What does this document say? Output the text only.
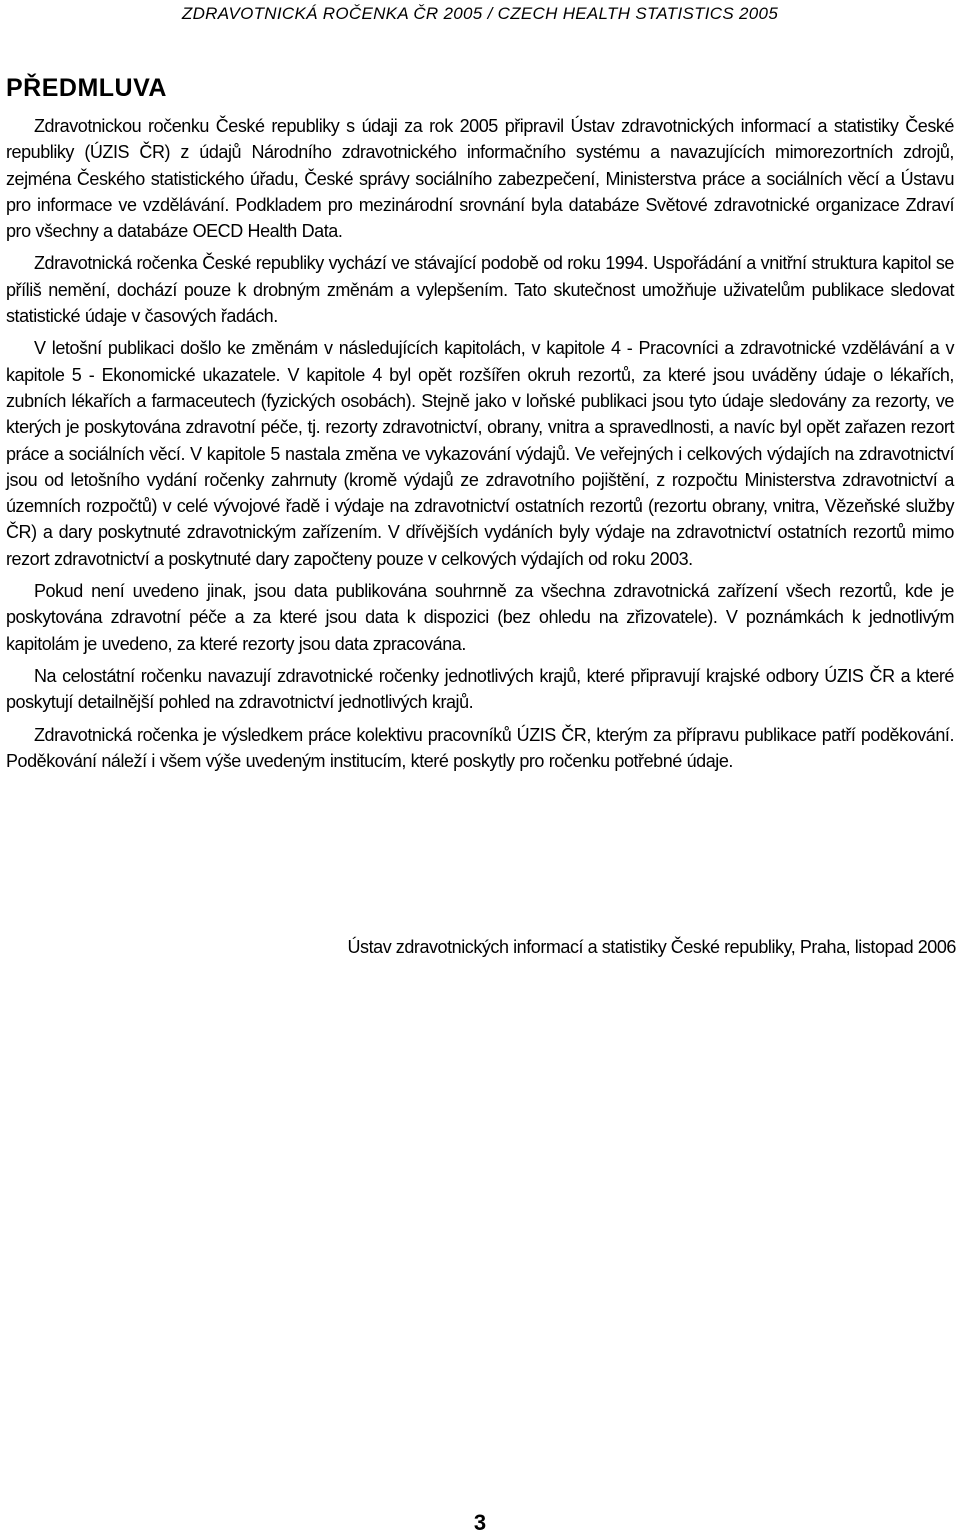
ZDRAVOTNICKÁ ROČENKA ČR 2005 / CZECH HEALTH STATISTICS 2005
PŘEDMLUVA

Zdravotnickou ročenku České republiky s údaji za rok 2005 připravil Ústav zdravotnických informací a statistiky České republiky (ÚZIS ČR) z údajů Národního zdravotnického informačního systému a navazujících mimorezortních zdrojů, zejména Českého statistického úřadu, České správy sociálního zabezpečení, Ministerstva práce a sociálních věcí a Ústavu pro informace ve vzdělávání. Podkladem pro mezinárodní srovnání byla databáze Světové zdravotnické organizace Zdraví pro všechny a databáze OECD Health Data.

Zdravotnická ročenka České republiky vychází ve stávající podobě od roku 1994. Uspořádání a vnitřní struktura kapitol se příliš nemění, dochází pouze k drobným změnám a vylepšením. Tato skutečnost umožňuje uživatelům publikace sledovat statistické údaje v časových řadách.

V letošní publikaci došlo ke změnám v následujících kapitolách, v kapitole 4 - Pracovníci a zdravotnické vzdělávání a v kapitole 5 - Ekonomické ukazatele. V kapitole 4 byl opět rozšířen okruh rezortů, za které jsou uváděny údaje o lékařích, zubních lékařích a farmaceutech (fyzických osobách). Stejně jako v loňské publikaci jsou tyto údaje sledovány za rezorty, ve kterých je poskytována zdravotní péče, tj. rezorty zdravotnictví, obrany, vnitra a spravedlnosti, a navíc byl opět zařazen rezort práce a sociálních věcí. V kapitole 5 nastala změna ve vykazování výdajů. Ve veřejných i celkových výdajích na zdravotnictví jsou od letošního vydání ročenky zahrnuty (kromě výdajů ze zdravotního pojištění, z rozpočtu Ministerstva zdravotnictví a územních rozpočtů) v celé vývojové řadě i výdaje na zdravotnictví ostatních rezortů (rezortu obrany, vnitra, Vězeňské služby ČR) a dary poskytnuté zdravotnickým zařízením. V dřívějších vydáních byly výdaje na zdravotnictví ostatních rezortů mimo rezort zdravotnictví a poskytnuté dary započteny pouze v celkových výdajích od roku 2003.

Pokud není uvedeno jinak, jsou data publikována souhrnně za všechna zdravotnická zařízení všech rezortů, kde je poskytována zdravotní péče a za které jsou data k dispozici (bez ohledu na zřizovatele). V poznámkách k jednotlivým kapitolám je uvedeno, za které rezorty jsou data zpracována.

Na celostátní ročenku navazují zdravotnické ročenky jednotlivých krajů, které připravují krajské odbory ÚZIS ČR a které poskytují detailnější pohled na zdravotnictví jednotlivých krajů.

Zdravotnická ročenka je výsledkem práce kolektivu pracovníků ÚZIS ČR, kterým za přípravu publikace patří poděkování. Poděkování náleží i všem výše uvedeným institucím, které poskytly pro ročenku potřebné údaje.

Ústav zdravotnických informací a statistiky České republiky, Praha, listopad 2006
3
